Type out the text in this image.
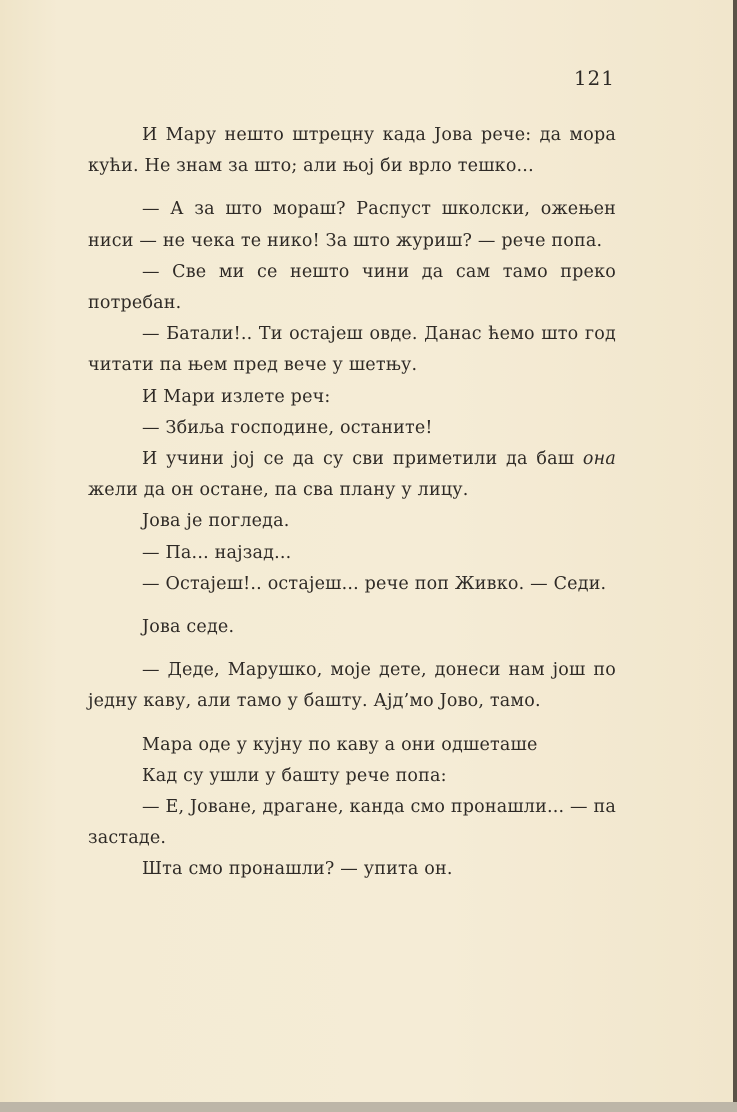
121

И Мару нешто штрецну када Јова рече: да мора кући. Не знам за што; али њој би врло тешко...

— А за што мораш? Распуст школски, ожењен ниси — не чека те нико! За што журиш? — рече попа.

— Све ми се нешто чини да сам тамо преко потребан.

— Батали!.. Ти остајеш овде. Данас ћемо што год читати па њем пред вече у шетњу.

И Мари излете реч:

— Збиља господине, останите!

И учини јој се да су сви приметили да баш она жели да он остане, па сва плану у лицу.

Јова је погледа.

— Па... најзад...

— Остајеш!.. остајеш... рече поп Живко. — Седи.

Јова седе.

— Деде, Марушко, моје дете, донеси нам још по једну каву, али тамо у башту. Ајд’мо Јово, тамо.

Мара оде у кујну по каву а они одшеташе

Кад су ушли у башту рече попа:

— Е, Јоване, драгане, канда смо пронашли... — па застаде.

Шта смо пронашли? — упита он.
